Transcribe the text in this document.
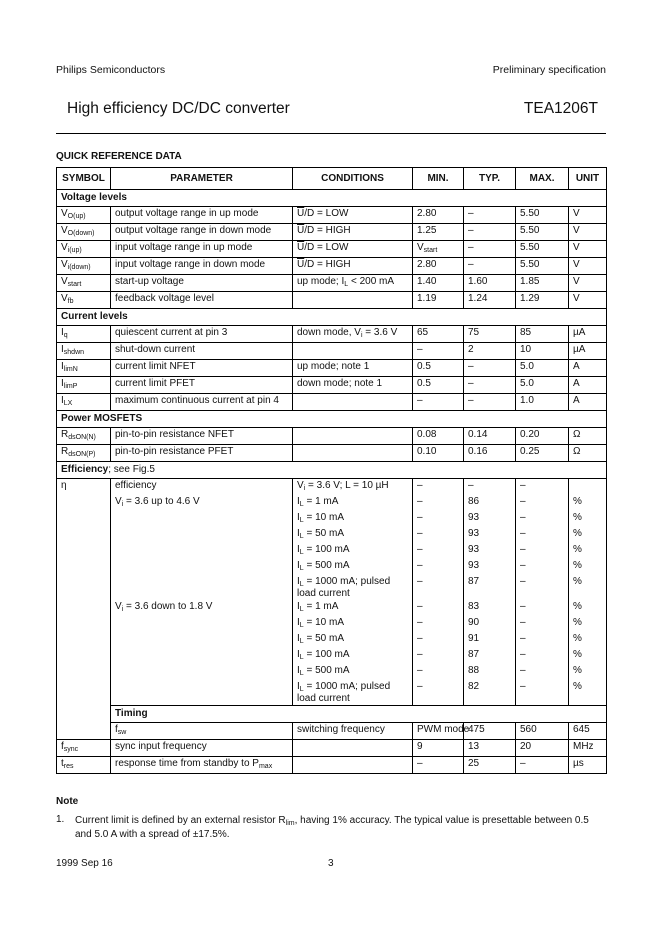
Philips Semiconductors	Preliminary specification
High efficiency DC/DC converter	TEA1206T
QUICK REFERENCE DATA
SYMBOL	PARAMETER	CONDITIONS	MIN.	TYP.	MAX.	UNIT	
Voltage levels							
$V_{O(up)}$	output voltage range in up mode	$\overline{U}/D$ = LOW	2.80	–	5.50	V	
$V_{O(down)}$	output voltage range in down mode	$\overline{U}/D$ = HIGH	1.25	–	5.50	V	
$V_{i(up)}$	input voltage range in up mode	$\overline{U}/D$ = LOW	$V_{start}$	–	5.50	V	
$V_{i(down)}$	input voltage range in down mode	$\overline{U}/D$ = HIGH	2.80	–	5.50	V	
$V_{start}$	start-up voltage	up mode; $I_L < 200$ mA	1.40	1.60	1.85	V	
$V_{fb}$	feedback voltage level		1.19	1.24	1.29	V	
Current levels							
$I_q$	quiescent current at pin 3	down mode, $V_i = 3.6$ V	65	75	85	µA	
$I_{shdwn}$	shut-down current		–	2	10	µA	
$I_{limN}$	current limit NFET	up mode; note 1	0.5	–	5.0	A	
$I_{limP}$	current limit PFET	down mode; note 1	0.5	–	5.0	A	
$I_{LX}$	maximum continuous current at pin 4		–	–	1.0	A	
Power MOSFETS							
$R_{dsON(N)}$	pin-to-pin resistance NFET		0.08	0.14	0.20	Ω	
$R_{dsON(P)}$	pin-to-pin resistance PFET		0.10	0.16	0.25	Ω	
Efficiency; see Fig.5							
η	efficiency	$V_i = 3.6$ V; L = 10 µH	–	–	–		
	$V_i = 3.6$ up to 4.6 V	$I_L = 1$ mA	–	86	–	%	
		$I_L = 10$ mA	–	93	–	%	
		$I_L = 50$ mA	–	93	–	%	
		$I_L = 100$ mA	–	93	–	%	
		$I_L = 500$ mA	–	93	–	%	
		$I_L = 1000$ mA; pulsed
load current	–	87	–	%	
	$V_i = 3.6$ down to 1.8 V	$I_L = 1$ mA	–	83	–	%	
		$I_L = 10$ mA	–	90	–	%	
		$I_L = 50$ mA	–	91	–	%	
		$I_L = 100$ mA	–	87	–	%	
		$I_L = 500$ mA	–	88	–	%	
		$I_L = 1000$ mA; pulsed
load current	–	82	–	%	
	Timing						
	$f_{sw}$	switching frequency	PWM mode	475	560	645	
$f_{sync}$	sync input frequency		9	13	20	MHz	
$t_{res}$	response time from standby to $P_{max}$		–	25	–	µs	
Note
1. Current limit is defined by an external resistor $R_{lim}$, having 1% accuracy. The typical value is presettable between 0.5 and 5.0 A with a spread of ±17.5%.
1999 Sep 16	3
